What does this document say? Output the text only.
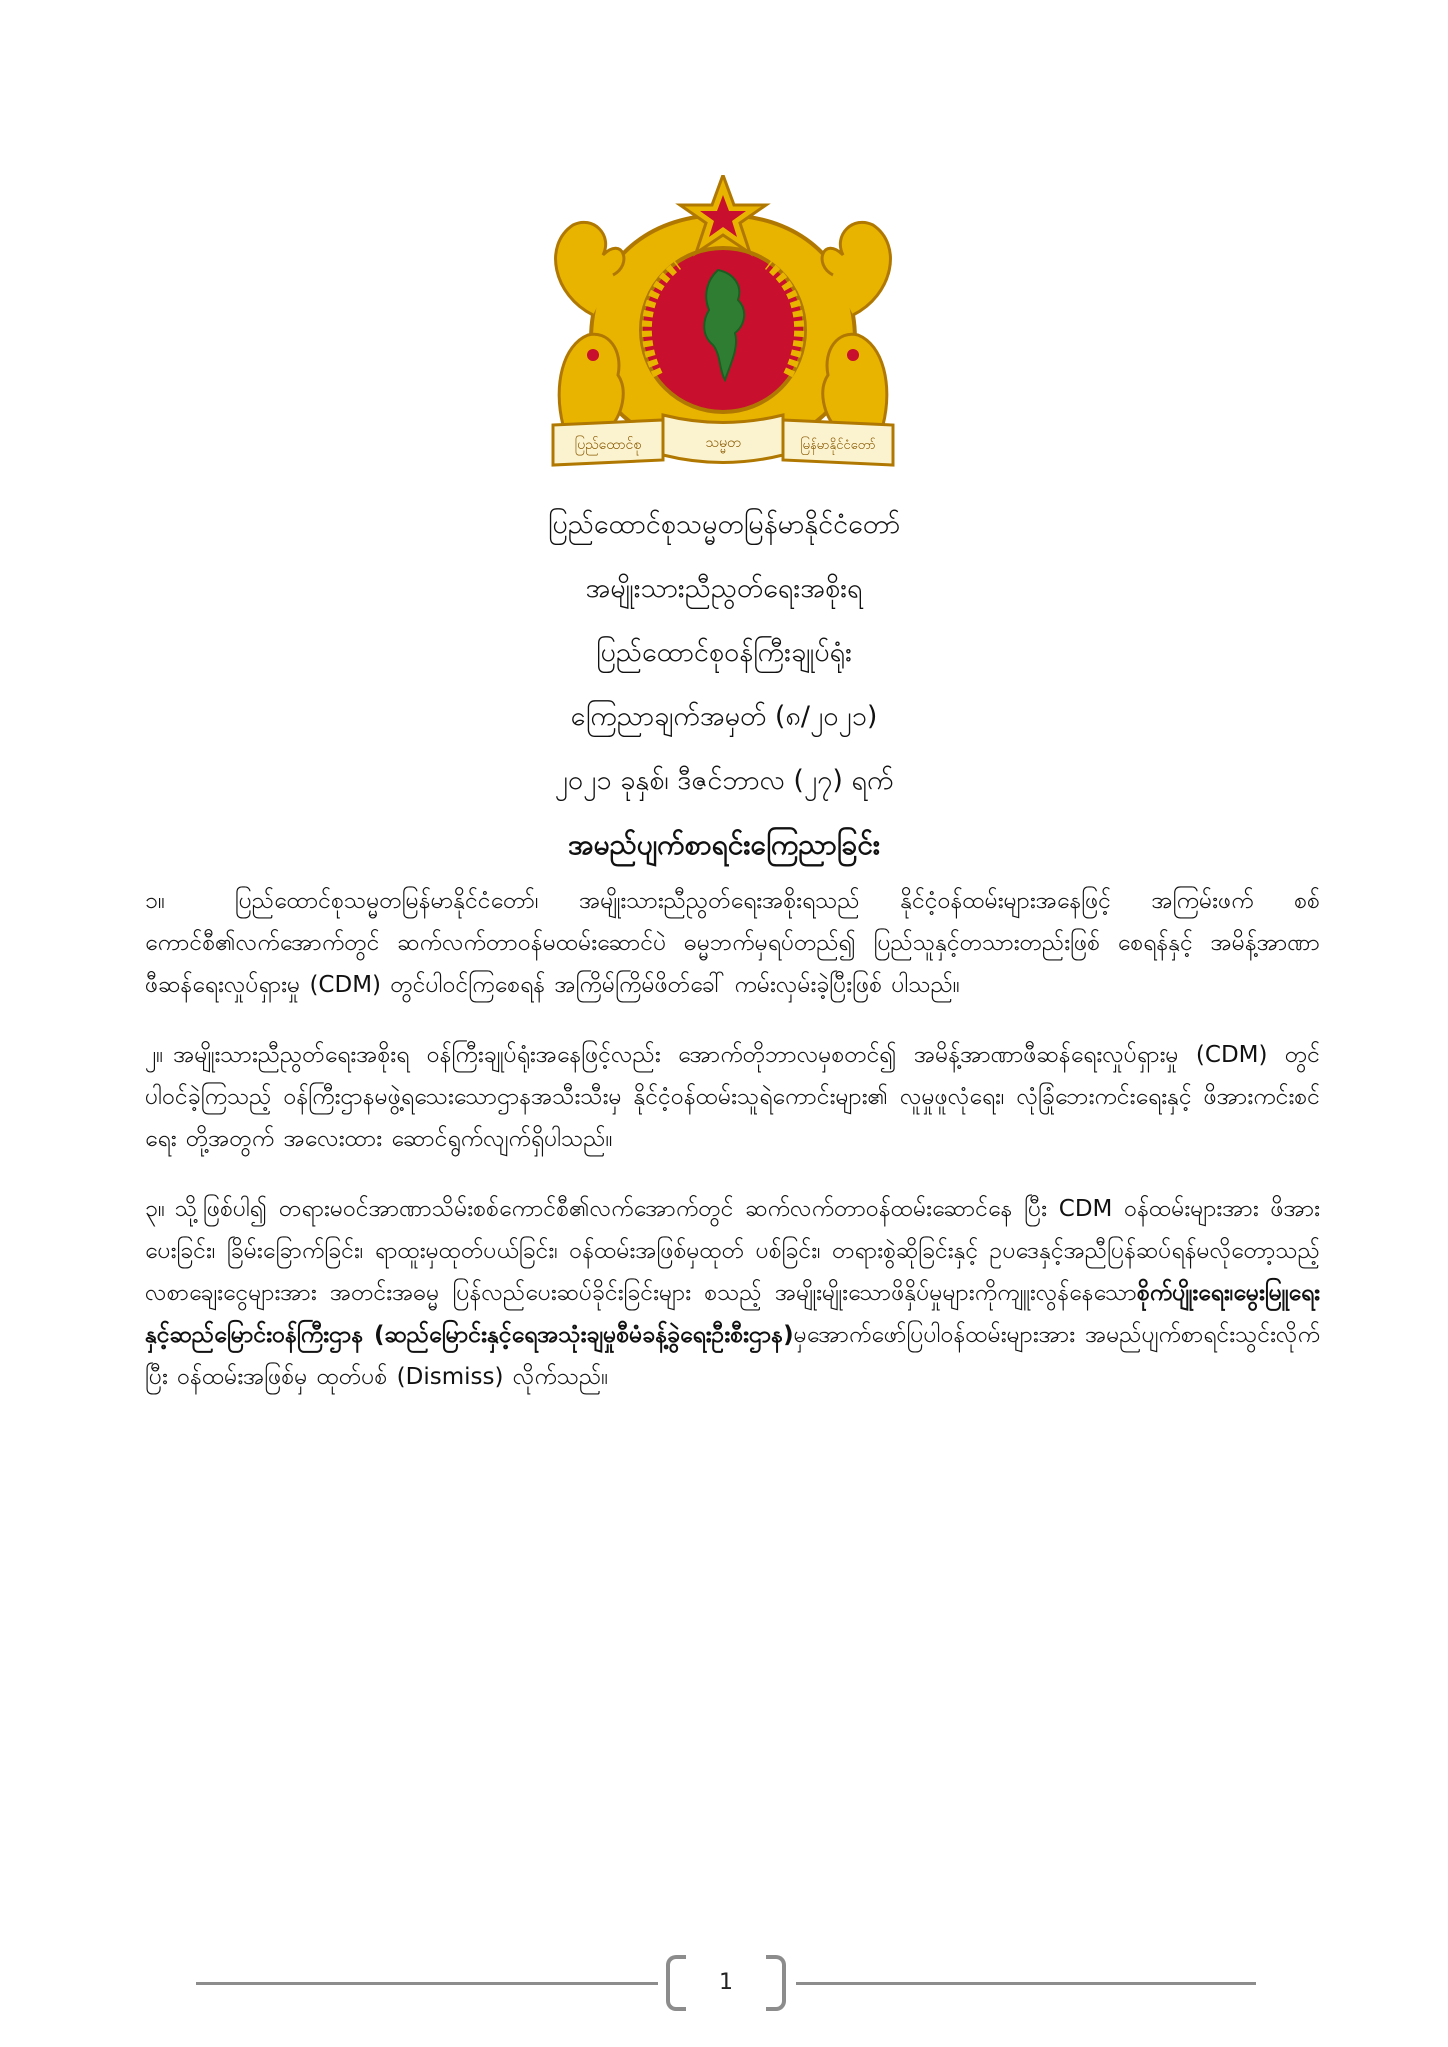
ပြည်ထောင်စု	သမ္မတ	မြန်မာနိုင်ငံတော်
ပြည်ထောင်စုသမ္မတမြန်မာနိုင်ငံတော်
အမျိုးသားညီညွတ်ရေးအစိုးရ
ပြည်ထောင်စုဝန်ကြီးချုပ်ရုံး
ကြေညာချက်အမှတ် (၈/၂၀၂၁)
၂၀၂၁ ခုနှစ်၊ ဒီဇင်ဘာလ (၂၇) ရက်
အမည်ပျက်စာရင်းကြေညာခြင်း

၁။	ပြည်ထောင်စုသမ္မတမြန်မာနိုင်ငံတော်၊ အမျိုးသားညီညွတ်ရေးအစိုးရသည် နိုင်ငံ့ဝန်ထမ်းများအနေဖြင့် အကြမ်းဖက် စစ်ကောင်စီ၏လက်အောက်တွင် ဆက်လက်တာဝန်မထမ်းဆောင်ပဲ ဓမ္မဘက်မှရပ်တည်၍ ပြည်သူနှင့်တသားတည်းဖြစ် စေရန်နှင့် အမိန့်အာဏာဖီဆန်ရေးလှုပ်ရှားမှု (CDM) တွင်ပါဝင်ကြစေရန် အကြိမ်ကြိမ်ဖိတ်ခေါ် ကမ်းလှမ်းခဲ့ပြီးဖြစ် ပါသည်။

၂။ အမျိုးသားညီညွတ်ရေးအစိုးရ ဝန်ကြီးချုပ်ရုံးအနေဖြင့်လည်း အောက်တိုဘာလမှစတင်၍ အမိန့်အာဏာဖီဆန်ရေးလှုပ်ရှားမှု (CDM) တွင်ပါဝင်ခဲ့ကြသည့် ဝန်ကြီးဌာနမဖွဲ့ရသေးသောဌာနအသီးသီးမှ နိုင်ငံ့ဝန်ထမ်းသူရဲကောင်းများ၏ လူမှုဖူလုံရေး၊ လုံခြုံဘေးကင်းရေးနှင့် ဖိအားကင်းစင်ရေး တို့အတွက် အလေးထား ဆောင်ရွက်လျက်ရှိပါသည်။

၃။ သို့ဖြစ်ပါ၍ တရားမဝင်အာဏာသိမ်းစစ်ကောင်စီ၏လက်အောက်တွင် ဆက်လက်တာဝန်ထမ်းဆောင်နေ ပြီး CDM ဝန်ထမ်းများအား ဖိအားပေးခြင်း၊ ခြိမ်းခြောက်ခြင်း၊ ရာထူးမှထုတ်ပယ်ခြင်း၊ ဝန်ထမ်းအဖြစ်မှထုတ် ပစ်ခြင်း၊ တရားစွဲဆိုခြင်းနှင့် ဥပဒေနှင့်အညီပြန်ဆပ်ရန်မလိုတော့သည့် လစာချေးငွေများအား အတင်းအဓမ္မ ပြန်လည်ပေးဆပ်ခိုင်းခြင်းများ စသည့် အမျိုးမျိုးသောဖိနှိပ်မှုများကိုကျူးလွန်နေသောစိုက်ပျိုးရေး၊မွေးမြူရေးနှင့်ဆည်မြောင်းဝန်ကြီးဌာန (ဆည်မြောင်းနှင့်ရေအသုံးချမှုစီမံခန့်ခွဲရေးဦးစီးဌာန)မှအောက်ဖော်ပြပါဝန်ထမ်းများအား အမည်ပျက်စာရင်းသွင်းလိုက်ပြီး ဝန်ထမ်းအဖြစ်မှ ထုတ်ပစ် (Dismiss) လိုက်သည်။

1
